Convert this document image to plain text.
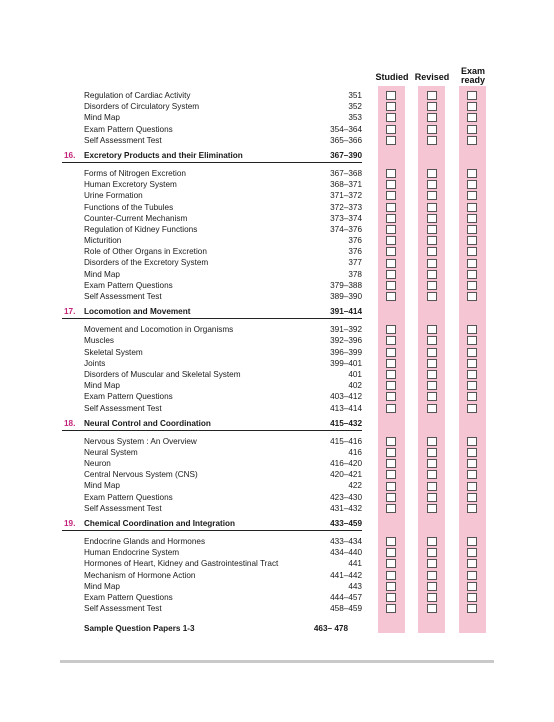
Studied Revised
Exam
ready
Regulation of Cardiac Activity	351
Disorders of Circulatory System	352
Mind Map	353
Exam Pattern Questions	354–364
Self Assessment Test	365–366
16. Excretory Products and their Elimination	367–390
Forms of Nitrogen Excretion	367–368
Human Excretory System	368–371
Urine Formation	371–372
Functions of the Tubules	372–373
Counter-Current Mechanism	373–374
Regulation of Kidney Functions	374–376
Micturition	376
Role of Other Organs in Excretion	376
Disorders of the Excretory System	377
Mind Map	378
Exam Pattern Questions	379–388
Self Assessment Test	389–390
17. Locomotion and Movement	391–414
Movement and Locomotion in Organisms	391–392
Muscles	392–396
Skeletal System	396–399
Joints	399–401
Disorders of Muscular and Skeletal System	401
Mind Map	402
Exam Pattern Questions	403–412
Self Assessment Test	413–414
18. Neural Control and Coordination	415–432
Nervous System : An Overview	415–416
Neural System	416
Neuron	416–420
Central Nervous System (CNS)	420–421
Mind Map	422
Exam Pattern Questions	423–430
Self Assessment Test	431–432
19. Chemical Coordination and Integration	433–459
Endocrine Glands and Hormones	433–434
Human Endocrine System	434–440
Hormones of Heart, Kidney and Gastrointestinal Tract	441
Mechanism of Hormone Action	441–442
Mind Map	443
Exam Pattern Questions	444–457
Self Assessment Test	458–459
Sample Question Papers 1-3	463– 478
